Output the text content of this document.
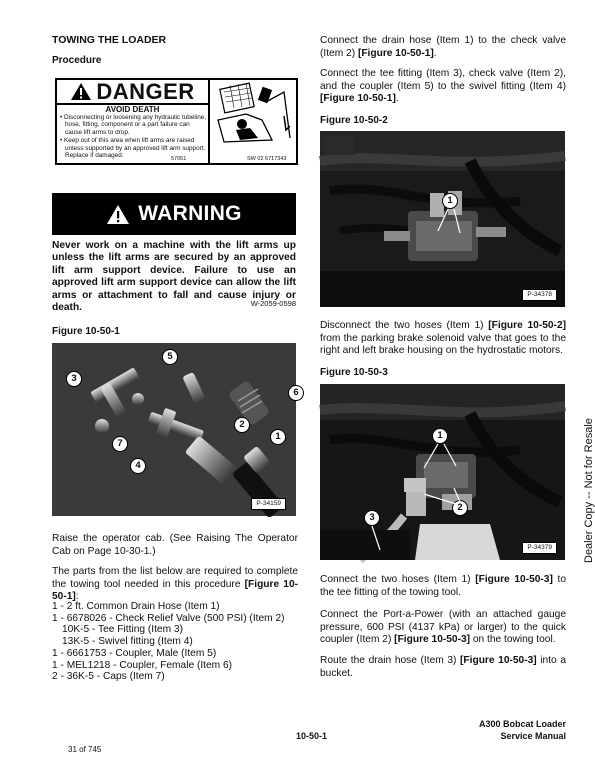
TOWING THE LOADER
Procedure
DANGER
AVOID DEATH

• Disconnecting or loosening any hydraulic tubeline, hose, fitting, component or a part failure can cause lift arms to drop.

• Keep out of this area when lift arms are raised unless supported by an approved lift arm support. Replace if damaged.	57051	SW 02 6717343
WARNING
Never work on a machine with the lift arms up unless the lift arms are secured by an approved lift arm support device. Failure to use an approved lift arm support device can allow the lift arms or attachment to fall and cause injury or death.	W-2059-0598
Figure 10-50-1
5
3
6
2
1
7
4
P-34159
Raise the operator cab. (See Raising The Operator Cab on Page 10-30-1.)
The parts from the list below are required to complete the towing tool needed in this procedure [Figure 10-50-1]:

1 - 2 ft. Common Drain Hose (Item 1)

1 - 6678026 - Check Relief Valve (500 PSI) (Item 2)

10K-5 - Tee Fitting (Item 3)

13K-5 - Swivel fitting (Item 4)

1 - 6661753 - Coupler, Male (Item 5)

1 - MEL1218 - Coupler, Female (Item 6)

2 - 36K-5 - Caps (Item 7)

Connect the drain hose (Item 1) to the check valve (Item 2) [Figure 10-50-1].
Connect the tee fitting (Item 3), check valve (Item 2), and the coupler (Item 5) to the swivel fitting (Item 4) [Figure 10-50-1].
Figure 10-50-2
1
P-34378
Disconnect the two hoses (Item 1) [Figure 10-50-2] from the parking brake solenoid valve that goes to the right and left brake housing on the hydrostatic motors.
Figure 10-50-3
1
2
3
P-34379
Connect the two hoses (Item 1) [Figure 10-50-3] to the tee fitting of the towing tool.
Connect the Port-a-Power (with an attached gauge pressure, 600 PSI (4137 kPa) or larger) to the quick coupler (Item 2) [Figure 10-50-3] on the towing tool.
Route the drain hose (Item 3) [Figure 10-50-3] into a bucket.
Dealer Copy -- Not for Resale
10-50-1
A300 Bobcat Loader
Service Manual
31 of 745
